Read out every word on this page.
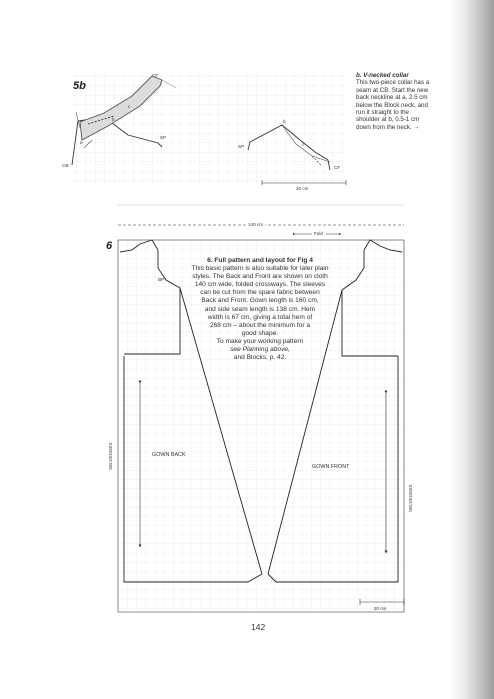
5b
CF
CB
SP
a
b
c
SP
b
c
CF
20 cm
b. V-necked collar
This two-piece collar has a
seam at CB. Start the new
back neckline at a, 2.5 cm
below the Block neck, and
run it straight to the
shoulder at b, 0.5-1 cm
down from the neck. →
6
140 cm
Fold
BP
GOWN BACK
GOWN FRONT
SELVEDGES
SELVEDGES
20 cm
6. Full pattern and layout for Fig 4
This basic pattern is also suitable for later plain
styles. The Back and Front are shown on cloth
140 cm wide, folded crossways. The sleeves
can be cut from the spare fabric between
Back and Front. Gown length is 160 cm,
and side seam length is 138 cm. Hem
width is 67 cm, giving a total hem of
268 cm – about the minimum for a
good shape.
To make your working pattern
see Planning above,
and Blocks, p. 42.
142
